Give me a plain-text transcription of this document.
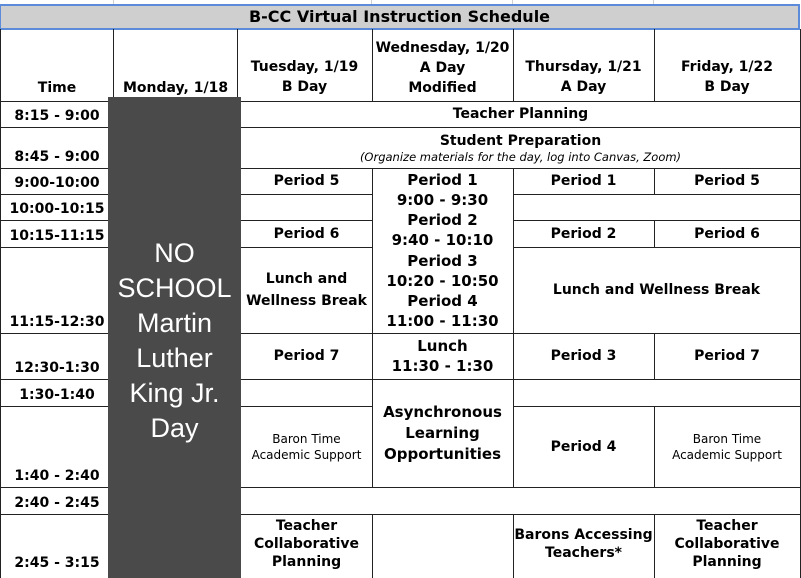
B-CC Virtual Instruction Schedule
Time	Monday, 1/18
Tuesday, 1/19
B Day
Wednesday, 1/20
A Day
Modified
Thursday, 1/21
A Day
Friday, 1/22
B Day
8:15 - 9:00
8:45 - 9:00
9:00-10:00
10:00-10:15
10:15-11:15
11:15-12:30
12:30-1:30
1:30-1:40
1:40 - 2:40
2:40 - 2:45
2:45 - 3:15
Teacher Planning
Student Preparation
(Organize materials for the day, log into Canvas, Zoom)
Period 5
Period 6
Lunch and
Wellness Break
Period 7
Baron Time
Academic Support
Teacher
Collaborative
Planning
Period 1
9:00 - 9:30
Period 2
9:40 - 10:10
Period 3
10:20 - 10:50
Period 4
11:00 - 11:30
Lunch
11:30 - 1:30
Asynchronous
Learning
Opportunities
Period 1
Period 2
Lunch and Wellness Break
Period 3
Period 4
Barons Accessing
Teachers*
Period 5
Period 6
Period 7
Baron Time
Academic Support
Teacher
Collaborative
Planning
NO
SCHOOL
Martin
Luther
King Jr.
Day
